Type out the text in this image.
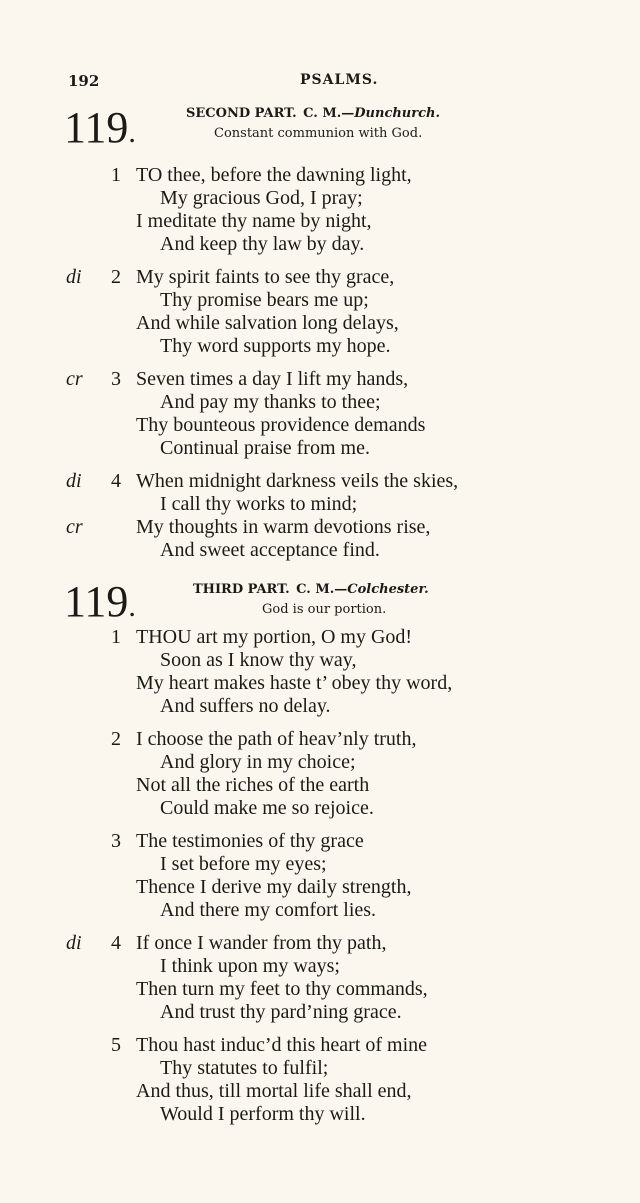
192	PSALMS.
119.
SECOND PART.  C. M.—Dunchurch.
Constant communion with God.
1 TO thee, before the dawning light,
My gracious God, I pray;
I meditate thy name by night,
And keep thy law by day.
2
di	My spirit faints to see thy grace,
Thy promise bears me up;
And while salvation long delays,
Thy word supports my hope.
3
cr	Seven times a day I lift my hands,
And pay my thanks to thee;
Thy bounteous providence demands
Continual praise from me.
4
di	When midnight darkness veils the skies,
I call thy works to mind;
cr	My thoughts in warm devotions rise,
And sweet acceptance find.
119.
THIRD PART.  C. M.—Colchester.
God is our portion.
1 THOU art my portion, O my God!
Soon as I know thy way,
My heart makes haste t’ obey thy word,
And suffers no delay.
2 I choose the path of heav’nly truth,
And glory in my choice;
Not all the riches of the earth
Could make me so rejoice.
3 The testimonies of thy grace
I set before my eyes;
Thence I derive my daily strength,
And there my comfort lies.
4
di	If once I wander from thy path,
I think upon my ways;
Then turn my feet to thy commands,
And trust thy pard’ning grace.
5 Thou hast induc’d this heart of mine
Thy statutes to fulfil;
And thus, till mortal life shall end,
Would I perform thy will.
